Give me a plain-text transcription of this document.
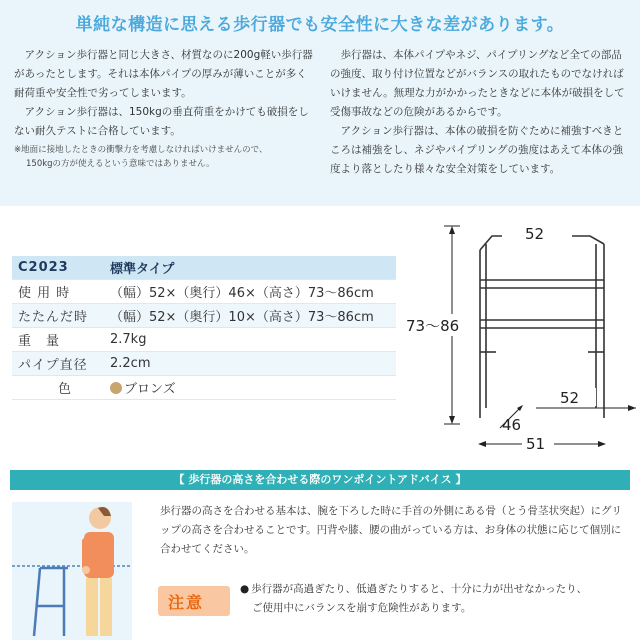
単純な構造に思える歩行器でも安全性に大きな差があります。

アクション歩行器と同じ大きさ、材質なのに200g軽い歩行器があったとします。それは本体パイプの厚みが薄いことが多く耐荷重や安全性で劣ってしまいます。

アクション歩行器は、150kgの垂直荷重をかけても破損をしない耐久テストに合格しています。

※地面に接地したときの衝撃力を考慮しなければいけませんので、
150kgの方が使えるという意味ではありません。

歩行器は、本体パイプやネジ、パイプリングなど全ての部品の強度、取り付け位置などがバランスの取れたものでなければいけません。無理な力がかかったときなどに本体が破損をして受傷事故などの危険があるからです。

アクション歩行器は、本体の破損を防ぐために補強すべきところは補強をし、ネジやパイプリングの強度はあえて本体の強度より落としたり様々な安全対策をしています。

C2023	標準タイプ
使 用 時	（幅）52×（奥行）46×（高さ）73～86cm
たたんだ時	（幅）52×（奥行）10×（高さ）73～86cm
重　量	2.7kg
パイプ直径	2.2cm
色	ブロンズ
73～86
52
52
46
51
【 歩行器の高さを合わせる際のワンポイントアドバイス 】

歩行器の高さを合わせる基本は、腕を下ろした時に手首の外側にある骨（とう骨茎状突起）にグリップの高さを合わせることです。円背や膝、腰の曲がっている方は、お身体の状態に応じて個別に合わせてください。

注意
● 歩行器が高過ぎたり、低過ぎたりすると、十分に力が出せなかったり、
ご使用中にバランスを崩す危険性があります。
